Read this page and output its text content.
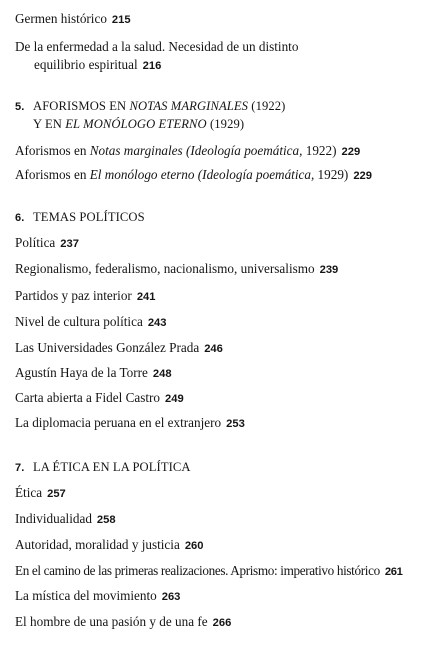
Germen histórico 215
De la enfermedad a la salud. Necesidad de un distinto
equilibrio espiritual 216
5. AFORISMOS EN NOTAS MARGINALES (1922)
Y EN EL MONÓLOGO ETERNO (1929)
Aforismos en Notas marginales (Ideología poemática, 1922) 229
Aforismos en El monólogo eterno (Ideología poemática, 1929) 229
6. TEMAS POLÍTICOS
Política 237
Regionalismo, federalismo, nacionalismo, universalismo 239
Partidos y paz interior 241
Nivel de cultura política 243
Las Universidades González Prada 246
Agustín Haya de la Torre 248
Carta abierta a Fidel Castro 249
La diplomacia peruana en el extranjero 253
7. LA ÉTICA EN LA POLÍTICA
Ética 257
Individualidad 258
Autoridad, moralidad y justicia 260
En el camino de las primeras realizaciones. Aprismo: imperativo histórico 261
La mística del movimiento 263
El hombre de una pasión y de una fe 266
